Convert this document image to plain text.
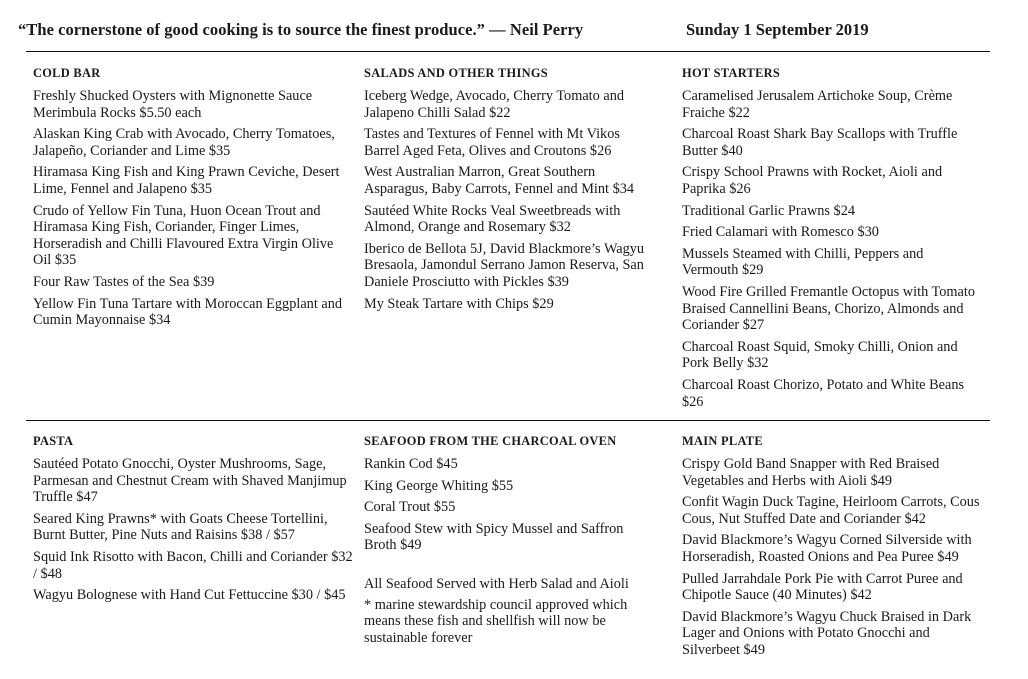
“The cornerstone of good cooking is to source the finest produce.” — Neil Perry	Sunday 1 September 2019
COLD BAR
Freshly Shucked Oysters with Mignonette Sauce Merimbula Rocks $5.50 each
Alaskan King Crab with Avocado, Cherry Tomatoes, Jalapeño, Coriander and Lime $35
Hiramasa King Fish and King Prawn Ceviche, Desert Lime, Fennel and Jalapeno $35
Crudo of Yellow Fin Tuna, Huon Ocean Trout and Hiramasa King Fish, Coriander, Finger Limes, Horseradish and Chilli Flavoured Extra Virgin Olive Oil $35
Four Raw Tastes of the Sea $39
Yellow Fin Tuna Tartare with Moroccan Eggplant and Cumin Mayonnaise $34
SALADS AND OTHER THINGS
Iceberg Wedge, Avocado, Cherry Tomato and Jalapeno Chilli Salad $22
Tastes and Textures of Fennel with Mt Vikos Barrel Aged Feta, Olives and Croutons $26
West Australian Marron, Great Southern Asparagus, Baby Carrots, Fennel and Mint $34
Sautéed White Rocks Veal Sweetbreads with Almond, Orange and Rosemary $32
Iberico de Bellota 5J, David Blackmore’s Wagyu Bresaola, Jamondul Serrano Jamon Reserva, San Daniele Prosciutto with Pickles $39
My Steak Tartare with Chips $29
HOT STARTERS
Caramelised Jerusalem Artichoke Soup, Crème Fraiche $22
Charcoal Roast Shark Bay Scallops with Truffle Butter $40
Crispy School Prawns with Rocket, Aioli and Paprika $26
Traditional Garlic Prawns $24
Fried Calamari with Romesco $30
Mussels Steamed with Chilli, Peppers and Vermouth $29
Wood Fire Grilled Fremantle Octopus with Tomato Braised Cannellini Beans, Chorizo, Almonds and Coriander $27
Charcoal Roast Squid, Smoky Chilli, Onion and Pork Belly $32
Charcoal Roast Chorizo, Potato and White Beans $26
PASTA
Sautéed Potato Gnocchi, Oyster Mushrooms, Sage, Parmesan and Chestnut Cream with Shaved Manjimup Truffle $47
Seared King Prawns* with Goats Cheese Tortellini, Burnt Butter, Pine Nuts and Raisins $38 / $57
Squid Ink Risotto with Bacon, Chilli and Coriander $32 / $48
Wagyu Bolognese with Hand Cut Fettuccine $30 / $45
SEAFOOD FROM THE CHARCOAL OVEN
Rankin Cod $45
King George Whiting $55
Coral Trout $55
Seafood Stew with Spicy Mussel and Saffron Broth $49
All Seafood Served with Herb Salad and Aioli
* marine stewardship council approved which means these fish and shellfish will now be sustainable forever
MAIN PLATE
Crispy Gold Band Snapper with Red Braised Vegetables and Herbs with Aioli $49
Confit Wagin Duck Tagine, Heirloom Carrots, Cous Cous, Nut Stuffed Date and Coriander $42
David Blackmore’s Wagyu Corned Silverside with Horseradish, Roasted Onions and Pea Puree $49
Pulled Jarrahdale Pork Pie with Carrot Puree and Chipotle Sauce (40 Minutes) $42
David Blackmore’s Wagyu Chuck Braised in Dark Lager and Onions with Potato Gnocchi and Silverbeet $49
